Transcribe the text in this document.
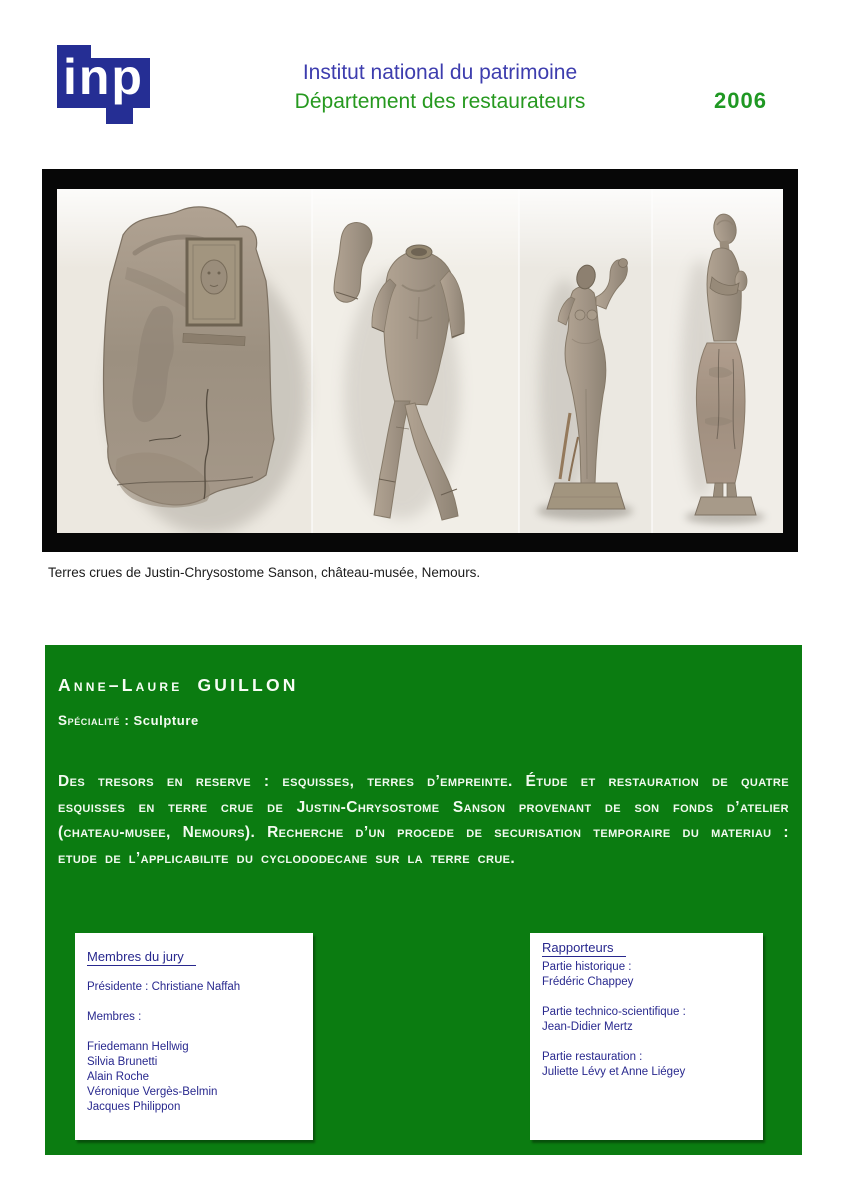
inp	Institut national du patrimoine
Département des restaurateurs	2006
Terres crues de Justin-Chrysostome Sanson, château-musée, Nemours.
Anne–Laure GUILLON
Spécialité : Sculpture

Des tresors en reserve : esquisses, terres d’empreinte. Étude et restauration de quatre esquisses en terre crue de Justin-Chrysostome Sanson provenant de son fonds d’atelier (chateau-musee, Nemours). Recherche d’un procede de securisation temporaire du materiau : etude de l’applicabilite du cyclododecane sur la terre crue.

Membres du jury
Présidente : Christiane Naffah
Membres :
Friedemann Hellwig
Silvia Brunetti
Alain Roche
Véronique Vergès-Belmin
Jacques Philippon
Rapporteurs
Partie historique :
Frédéric Chappey
Partie technico-scientifique :
Jean-Didier Mertz
Partie restauration :
Juliette Lévy et Anne Liégey
